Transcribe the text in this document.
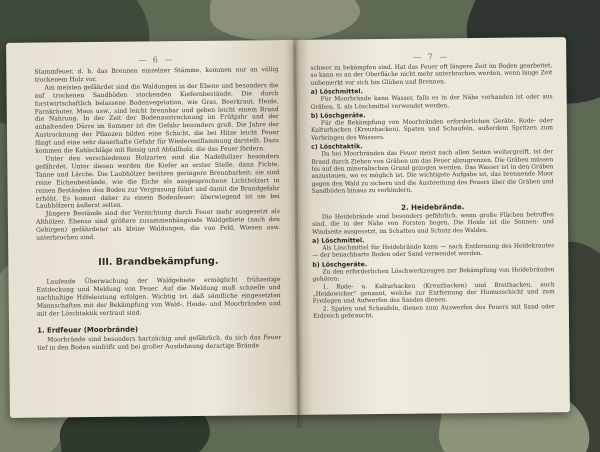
— 6 —

Stammfeuer, d. h. das Brennen einzelner Stämme, kommen nur an völlig trockenem Holz vor.

Am meisten gefährdet sind die Waldungen in der Ebene und besonders die auf trockenen Sandböden stockenden Kiefernbestände. Die durch forstwirtschaftlich belassene Bodenvegetation, wie Gras, Beerkraut, Heide, Farnkräuter, Moos usw., sind leicht brennbar und geben leicht einem Brand die Nahrung. In der Zeit der Bodenaustrocknung im Frühjahr und der anhaltenden Dürre im Sommer ist die Gefahr besonders groß. Die Jahre der Austrocknung der Pflanzen bilden eine Schicht, die bei Hitze leicht Feuer fängt und eine sehr dauerhafte Gefahr für Wiederentflammung darstellt. Dazu kommen die Kahlschläge mit Reisig und Abfallholz, die das Feuer fördern.

Unter den verschiedenen Holzarten sind die Nadelhölzer besonders gefährdet. Unter diesen werden die Kiefer an erster Stelle, dann Fichte, Tanne und Lärche. Die Laubhölzer besitzen geringere Brennbarkeit; sie sind reine Eichenbestände, wie die Eiche als ausgesprochene Lichtholzart in reinen Beständen den Boden zur Vergrasung führt und damit die Brandgefahr erhöht. Es kommt daher zu einem Bodenfeuer; überwiegend ist sie bei Laubhölzern äußerst selten.

Jüngere Bestände sind der Vernichtung durch Feuer mehr ausgesetzt als Althölzer. Ebenso sind größere zusammenhängende Waldgebiete (nach den Gebirgen) gefährdeter als kleine Waldungen, die von Feld, Wiesen usw. unterbrochen sind.

III. Brandbekämpfung.

Laufende Überwachung der Waldgebiete ermöglicht frühzeitige Entdeckung und Meldung von Feuer. Auf die Meldung muß schnelle und nachhaltige Hilfeleistung erfolgen. Wichtig ist, daß sämtliche eingesetzten Mannschaften mit der Bekämpfung von Wald-, Heide- und Moorbränden und mit der Löschtaktik vertraut sind.

1. Erdfeuer (Moorbrände)

Moorbrände sind besonders hartnäckig und gefährlich, da sich das Feuer tief in den Boden einfrißt und bei großer Ausdehnung derartige Brände

— 7 —

schwer zu bekämpfen sind. Hat das Feuer oft längere Zeit im Boden gearbeitet, so kann es an der Oberfläche nicht mehr unterbrochen werden, wenn lange Zeit unbemerkt vor sich hin Glühen und Brennen.

a) Löschmittel.

Für Moorbrände kann Wasser, falls es in der Nähe vorhanden ist oder aus Gräben, S. als Löschmittel verwendet werden.

b) Löschgeräte.

Für die Bekämpfung von Moorbränden erforderlichen Geräte, Rode- oder Kulturhacken (Kreuzhacken), Spaten und Schaufeln, außerdem Spritzen zum Verbringen des Wassers.

c) Löschtaktik.

Da bei Moorbränden das Feuer meist nach allen Seiten weitergreift, ist der Brand durch Ziehen von Gräben um das Feuer abzugrenzen. Die Gräben müssen bis auf den mineralischen Grund gezogen werden. Das Wasser ist in den Gräben anzustauen, wo es möglich ist. Die wichtigste Aufgabe ist, das brennende Moor gegen den Wald zu sichern und die Ausbreitung des Feuers über die Gräben und Sandböden hinaus zu verhindern.

2. Heidebrände.

Die Heidebrände sind besonders gefährlich, wenn große Flächen betroffen sind, die in der Nähe von Forsten liegen. Die Heide ist die Sonnen- und Windseite ausgesetzt, im Schatten und Schutz des Waldes.

a) Löschmittel.

Als Löschmittel für Heidebrände kann — nach Entfernung des Heidekrautes — der benachbarte Boden oder Sand verwendet werden.

b) Löschgeräte.

Zu den erforderlichen Löschwerkzeugen zur Bekämpfung von Heidebränden gehören:

1. Rode- u. Kulturhacken (Kreuzhacken) und Breithacken, auch „Heidewicker“ genannt, welche zur Entfernung der Humusschicht und zum Freilegen und Aufwerfen des Sandes dienen.

2. Spaten und Schaufeln, dienen zum Auswerfen des Feuers mit Sand oder Erdreich gebraucht.
